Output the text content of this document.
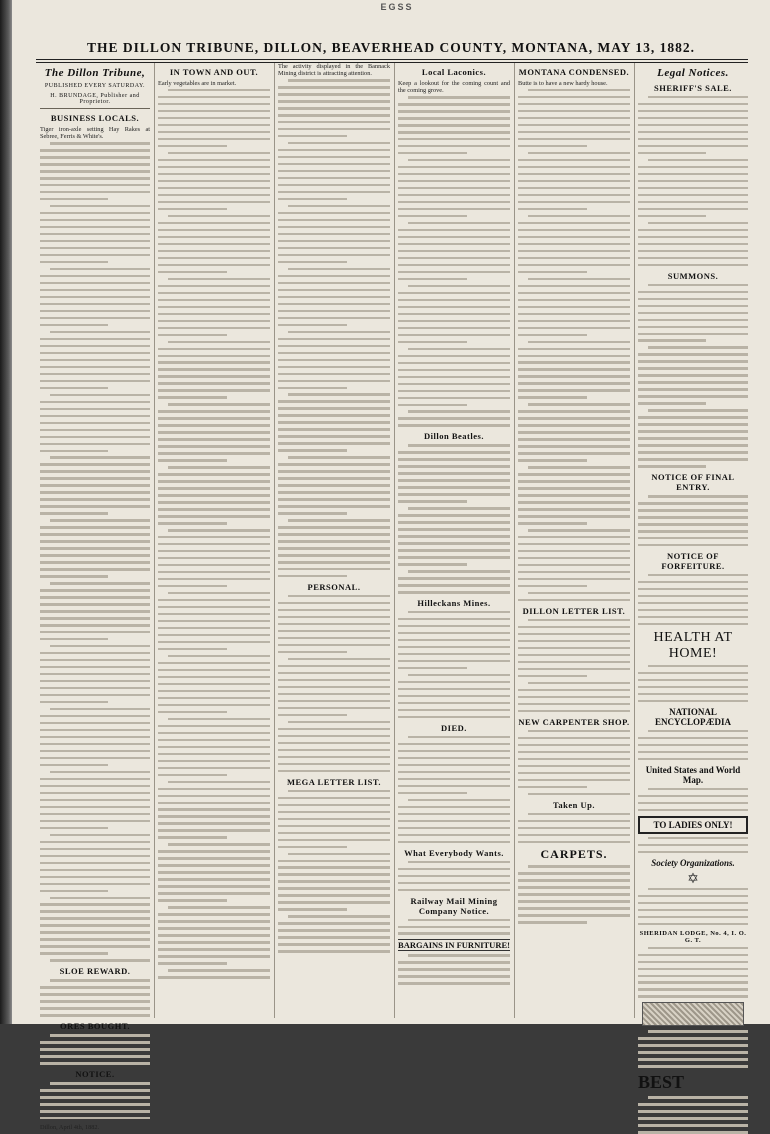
EGSS
THE DILLON TRIBUNE, DILLON, BEAVERHEAD COUNTY, MONTANA, MAY 13, 1882.
The Dillon Tribune,
PUBLISHED EVERY SATURDAY.
H. BRUNDAGE, Publisher and Proprietor.
BUSINESS LOCALS.
Tiger iron-axle setting Hay Rakes at Sebree, Ferris & White's.
SLOE REWARD.
ORES BOUGHT.
NOTICE.
Dillon, April 4th, 1882.
IN TOWN AND OUT.
Early vegetables are in market.
The activity displayed in the Bannack Mining district is attracting attention.
PERSONAL.
MEGA LETTER LIST.
Local Laconics.
Keep a lookout for the coming count and the coming grove.
Dillon Beatles.
Hilleckans Mines.
DIED.
What Everybody Wants.
Railway Mail Mining Company Notice.
BARGAINS IN FURNITURE!
MONTANA CONDENSED.
Butte is to have a new hardy house.
DILLON LETTER LIST.
NEW CARPENTER SHOP.
Taken Up.
CARPETS.
Legal Notices.
SHERIFF'S SALE.
SUMMONS.
NOTICE OF FINAL ENTRY.
NOTICE OF FORFEITURE.
HEALTH AT HOME!
NATIONAL ENCYCLOPÆDIA
United States and World Map.
TO LADIES ONLY!
Society Organizations.
✡
SHERIDAN LODGE, No. 4, I. O. G. T.
BEST
